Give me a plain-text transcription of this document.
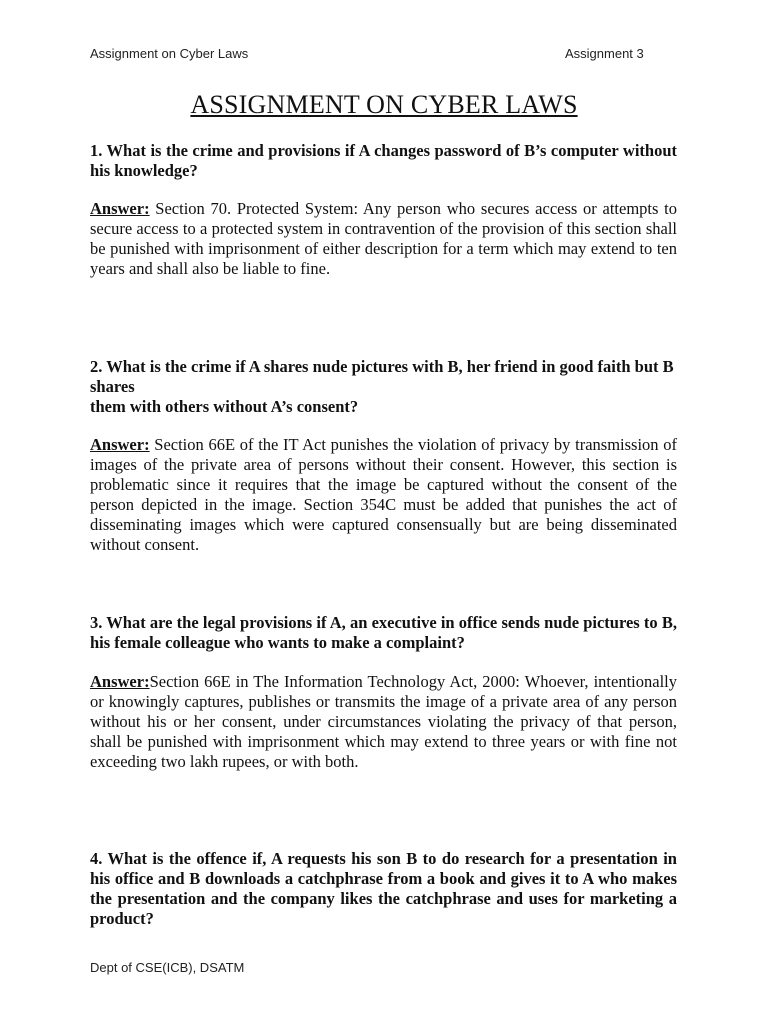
Assignment on Cyber Laws	Assignment 3
ASSIGNMENT ON CYBER LAWS

1. What is the crime and provisions if A changes password of B’s computer without his knowledge?

Answer: Section 70. Protected System: Any person who secures access or attempts to secure access to a protected system in contravention of the provision of this section shall be punished with imprisonment of either description for a term which may extend to ten years and shall also be liable to fine.

2. What is the crime if A shares nude pictures with B, her friend in good faith but B shares
them with others without A’s consent?

Answer: Section 66E of the IT Act punishes the violation of privacy by transmission of images of the private area of persons without their consent. However, this section is problematic since it requires that the image be captured without the consent of the person depicted in the image. Section 354C must be added that punishes the act of disseminating images which were captured consensually but are being disseminated without consent.

3. What are the legal provisions if A, an executive in office sends nude pictures to B, his female colleague who wants to make a complaint?

Answer:Section 66E in The Information Technology Act, 2000: Whoever, intentionally or knowingly captures, publishes or transmits the image of a private area of any person without his or her consent, under circumstances violating the privacy of that person, shall be punished with imprisonment which may extend to three years or with fine not exceeding two lakh rupees, or with both.

4. What is the offence if, A requests his son B to do research for a presentation in his office and B downloads a catchphrase from a book and gives it to A who makes the presentation and the company likes the catchphrase and uses for marketing a product?

Dept of CSE(ICB), DSATM
